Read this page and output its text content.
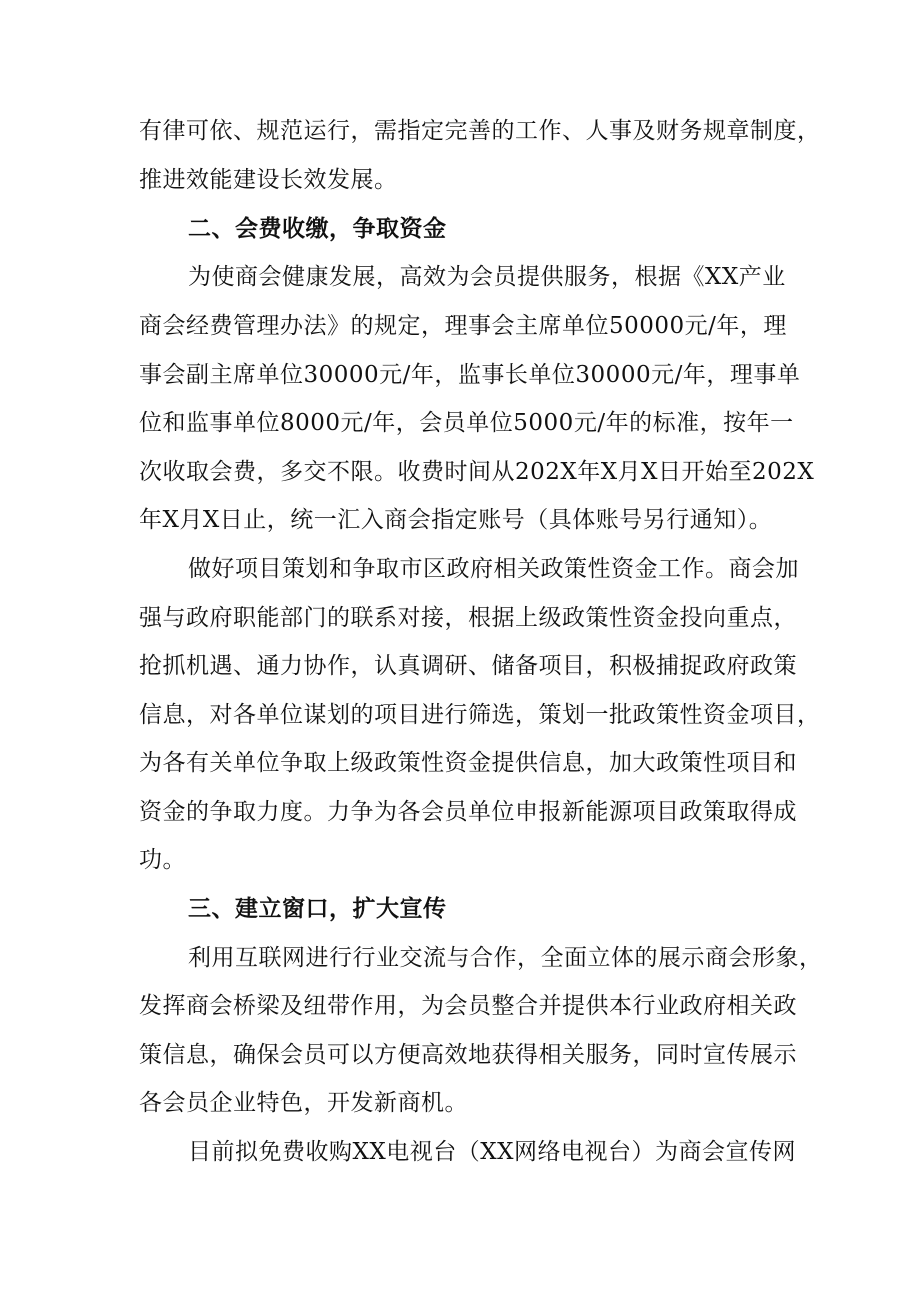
有律可依、规范运行，需指定完善的工作、人事及财务规章制度，
推进效能建设长效发展。
二、会费收缴，争取资金
为使商会健康发展，高效为会员提供服务，根据《XX产业
商会经费管理办法》的规定，理事会主席单位50000元/年，理
事会副主席单位30000元/年，监事长单位30000元/年，理事单
位和监事单位8000元/年，会员单位5000元/年的标准，按年一
次收取会费，多交不限。收费时间从202X年X月X日开始至202X
年X月X日止，统一汇入商会指定账号（具体账号另行通知）。
做好项目策划和争取市区政府相关政策性资金工作。商会加
强与政府职能部门的联系对接，根据上级政策性资金投向重点，
抢抓机遇、通力协作，认真调研、储备项目，积极捕捉政府政策
信息，对各单位谋划的项目进行筛选，策划一批政策性资金项目，
为各有关单位争取上级政策性资金提供信息，加大政策性项目和
资金的争取力度。力争为各会员单位申报新能源项目政策取得成
功。
三、建立窗口，扩大宣传
利用互联网进行行业交流与合作，全面立体的展示商会形象，
发挥商会桥梁及纽带作用，为会员整合并提供本行业政府相关政
策信息，确保会员可以方便高效地获得相关服务，同时宣传展示
各会员企业特色，开发新商机。
目前拟免费收购XX电视台（XX网络电视台）为商会宣传网
